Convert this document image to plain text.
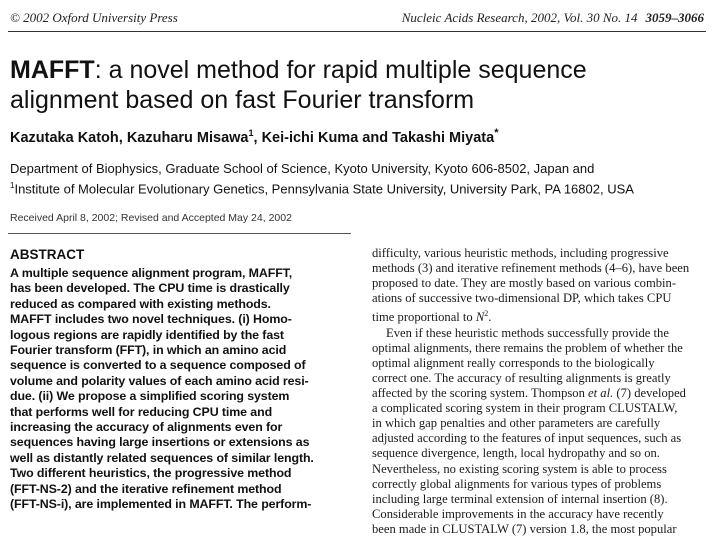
© 2002 Oxford University Press	Nucleic Acids Research, 2002, Vol. 30 No. 14 3059–3066
MAFFT: a novel method for rapid multiple sequence
alignment based on fast Fourier transform
Kazutaka Katoh, Kazuharu Misawa$^1$, Kei-ichi Kuma and Takashi Miyata*
Department of Biophysics, Graduate School of Science, Kyoto University, Kyoto 606-8502, Japan and
$^1$Institute of Molecular Evolutionary Genetics, Pennsylvania State University, University Park, PA 16802, USA
Received April 8, 2002; Revised and Accepted May 24, 2002
ABSTRACT
A multiple sequence alignment program, MAFFT,
has been developed. The CPU time is drastically
reduced as compared with existing methods.
MAFFT includes two novel techniques. (i) Homo-
logous regions are rapidly identified by the fast
Fourier transform (FFT), in which an amino acid
sequence is converted to a sequence composed of
volume and polarity values of each amino acid resi-
due. (ii) We propose a simplified scoring system
that performs well for reducing CPU time and
increasing the accuracy of alignments even for
sequences having large insertions or extensions as
well as distantly related sequences of similar length.
Two different heuristics, the progressive method
(FFT-NS-2) and the iterative refinement method
(FFT-NS-i), are implemented in MAFFT. The perform-
difficulty, various heuristic methods, including progressive
methods (3) and iterative refinement methods (4–6), have been
proposed to date. They are mostly based on various combin-
ations of successive two-dimensional DP, which takes CPU
time proportional to $N^2$.
Even if these heuristic methods successfully provide the
optimal alignments, there remains the problem of whether the
optimal alignment really corresponds to the biologically
correct one. The accuracy of resulting alignments is greatly
affected by the scoring system. Thompson et al. (7) developed
a complicated scoring system in their program CLUSTALW,
in which gap penalties and other parameters are carefully
adjusted according to the features of input sequences, such as
sequence divergence, length, local hydropathy and so on.
Nevertheless, no existing scoring system is able to process
correctly global alignments for various types of problems
including large terminal extension of internal insertion (8).
Considerable improvements in the accuracy have recently
been made in CLUSTALW (7) version 1.8, the most popular
